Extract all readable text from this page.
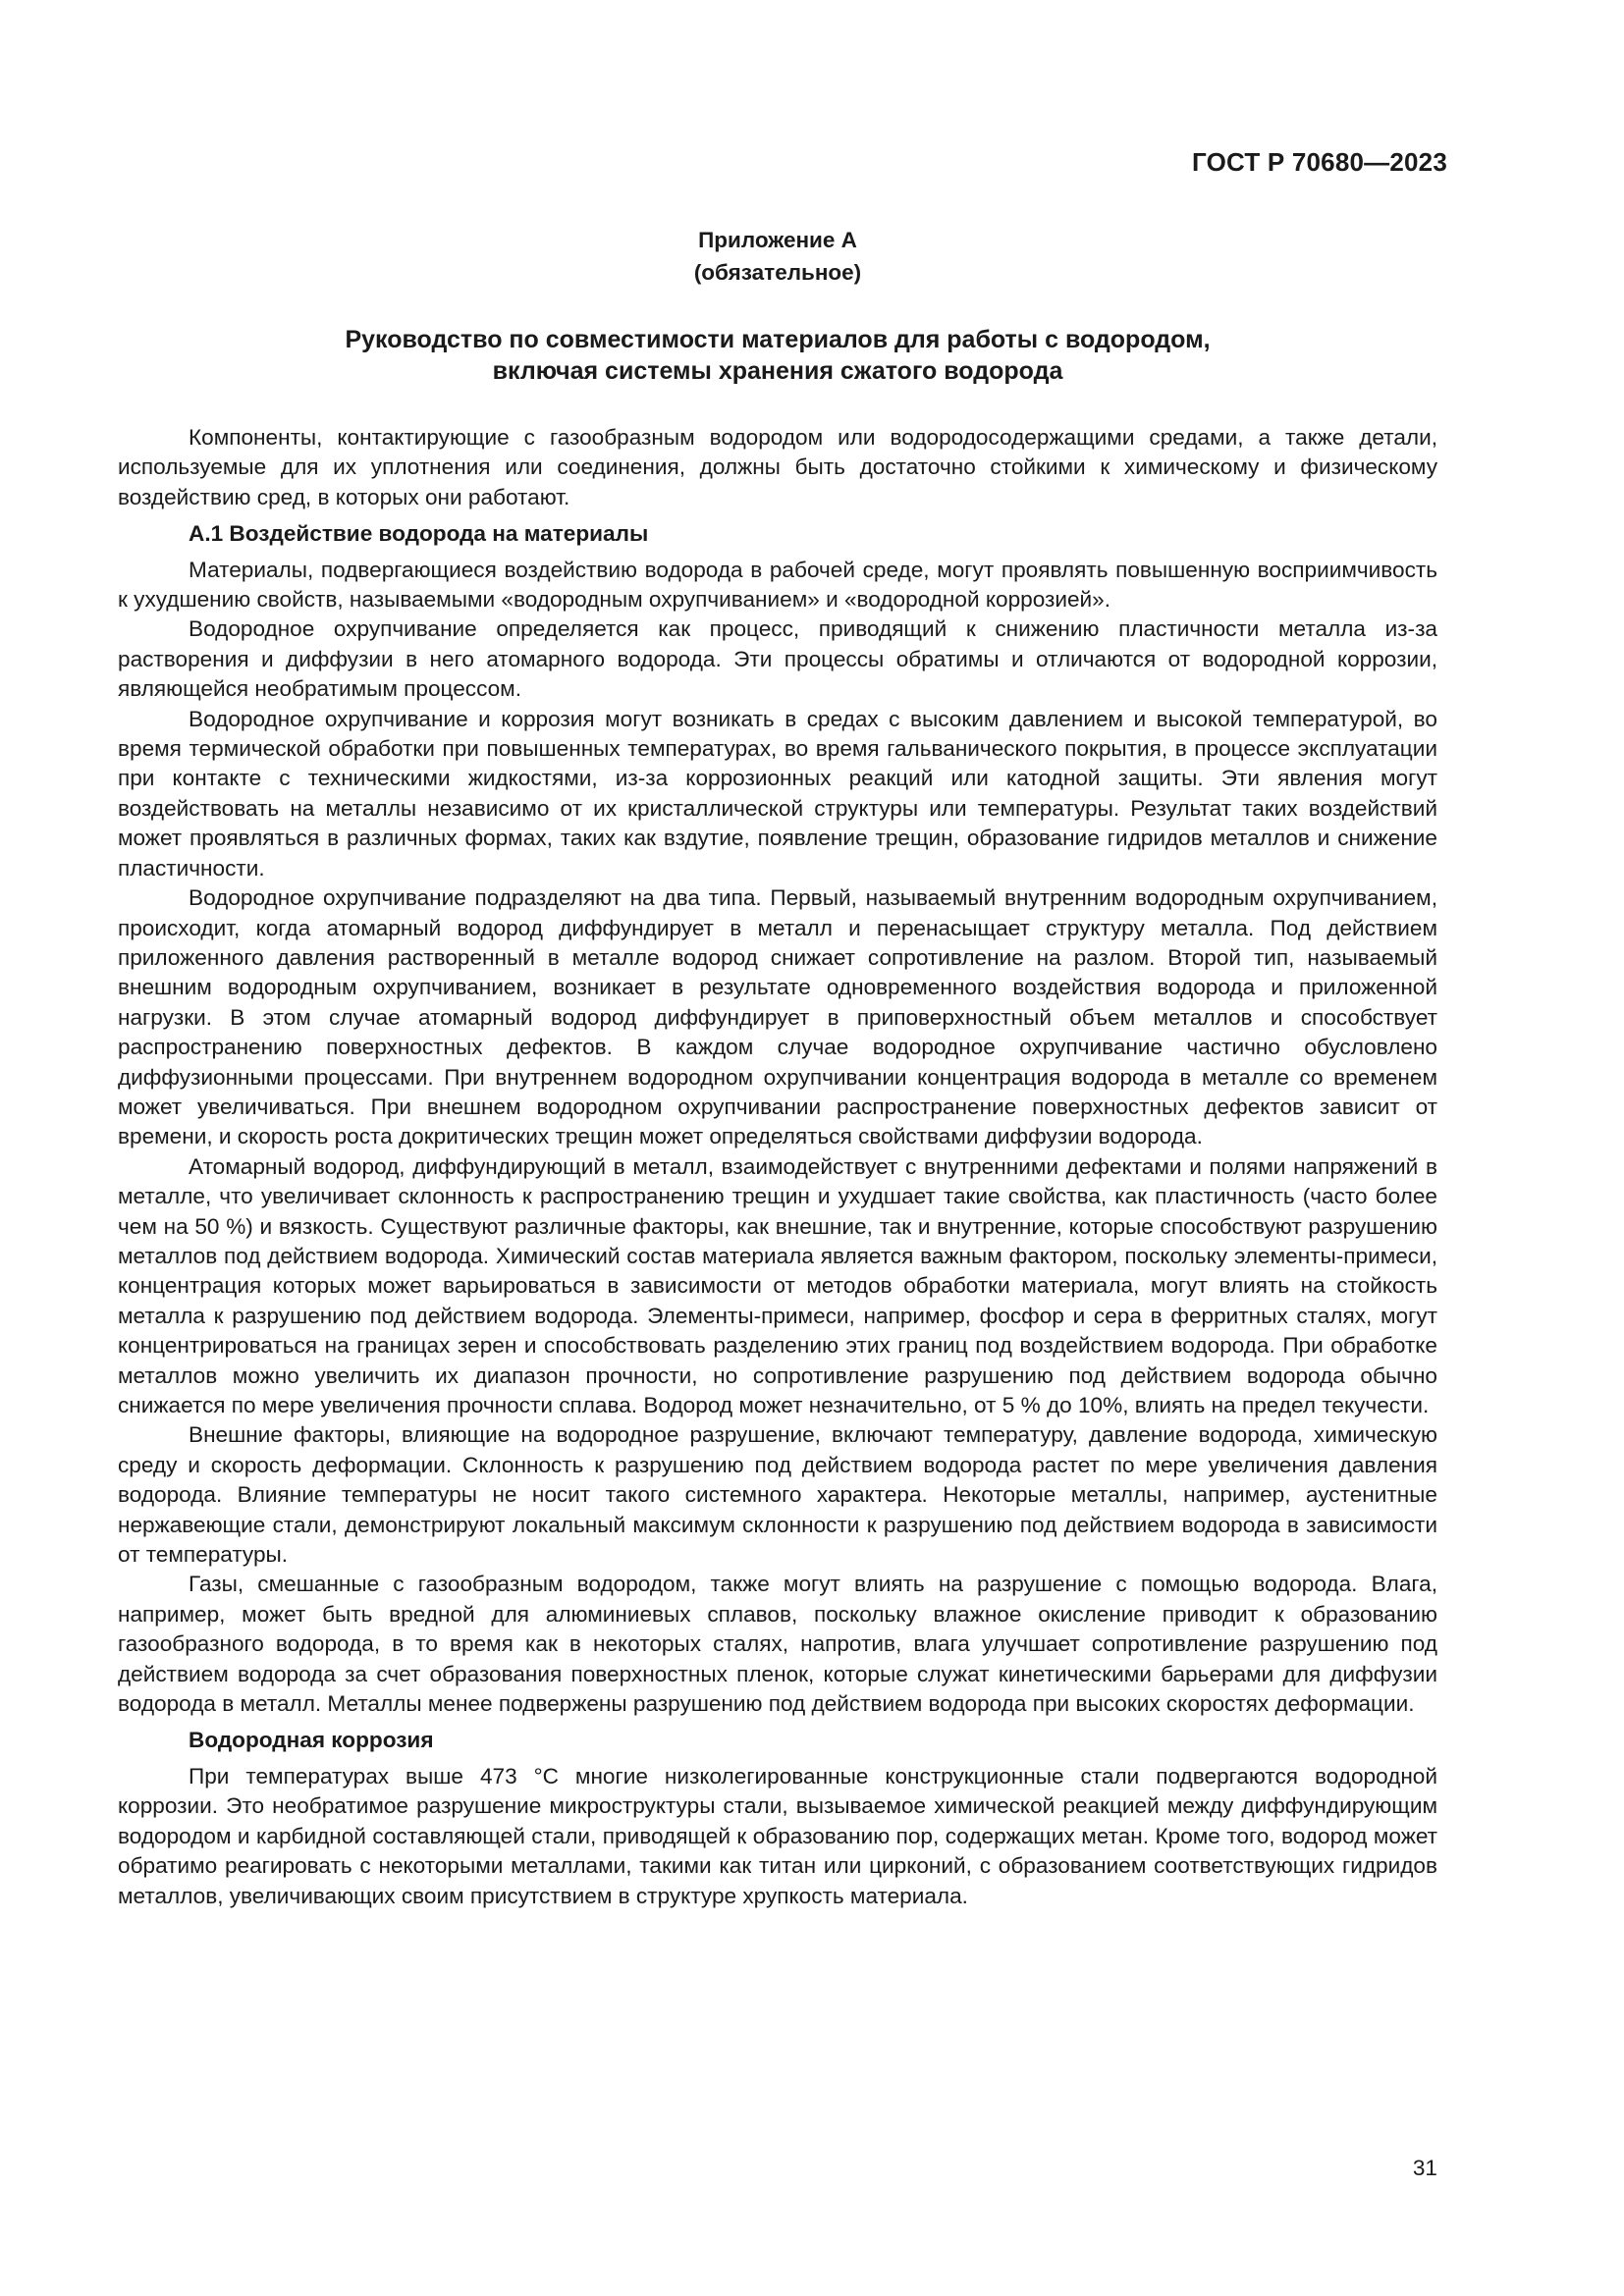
ГОСТ Р 70680—2023
Приложение А
(обязательное)
Руководство по совместимости материалов для работы с водородом,
включая системы хранения сжатого водорода

Компоненты, контактирующие с газообразным водородом или водородосодержащими средами, а также детали, используемые для их уплотнения или соединения, должны быть достаточно стойкими к химическому и физическому воздействию сред, в которых они работают.

А.1 Воздействие водорода на материалы

Материалы, подвергающиеся воздействию водорода в рабочей среде, могут проявлять повышенную восприимчивость к ухудшению свойств, называемыми «водородным охрупчиванием» и «водородной коррозией».

Водородное охрупчивание определяется как процесс, приводящий к снижению пластичности металла из-за растворения и диффузии в него атомарного водорода. Эти процессы обратимы и отличаются от водородной коррозии, являющейся необратимым процессом.

Водородное охрупчивание и коррозия могут возникать в средах с высоким давлением и высокой температурой, во время термической обработки при повышенных температурах, во время гальванического покрытия, в процессе эксплуатации при контакте с техническими жидкостями, из-за коррозионных реакций или катодной защиты. Эти явления могут воздействовать на металлы независимо от их кристаллической структуры или температуры. Результат таких воздействий может проявляться в различных формах, таких как вздутие, появление трещин, образование гидридов металлов и снижение пластичности.

Водородное охрупчивание подразделяют на два типа. Первый, называемый внутренним водородным охрупчиванием, происходит, когда атомарный водород диффундирует в металл и перенасыщает структуру металла. Под действием приложенного давления растворенный в металле водород снижает сопротивление на разлом. Второй тип, называемый внешним водородным охрупчиванием, возникает в результате одновременного воздействия водорода и приложенной нагрузки. В этом случае атомарный водород диффундирует в приповерхностный объем металлов и способствует распространению поверхностных дефектов. В каждом случае водородное охрупчивание частично обусловлено диффузионными процессами. При внутреннем водородном охрупчивании концентрация водорода в металле со временем может увеличиваться. При внешнем водородном охрупчивании распространение поверхностных дефектов зависит от времени, и скорость роста докритических трещин может определяться свойствами диффузии водорода.

Атомарный водород, диффундирующий в металл, взаимодействует с внутренними дефектами и полями напряжений в металле, что увеличивает склонность к распространению трещин и ухудшает такие свойства, как пластичность (часто более чем на 50 %) и вязкость. Существуют различные факторы, как внешние, так и внутренние, которые способствуют разрушению металлов под действием водорода. Химический состав материала является важным фактором, поскольку элементы-примеси, концентрация которых может варьироваться в зависимости от методов обработки материала, могут влиять на стойкость металла к разрушению под действием водорода. Элементы-примеси, например, фосфор и сера в ферритных сталях, могут концентрироваться на границах зерен и способствовать разделению этих границ под воздействием водорода. При обработке металлов можно увеличить их диапазон прочности, но сопротивление разрушению под действием водорода обычно снижается по мере увеличения прочности сплава. Водород может незначительно, от 5 % до 10%, влиять на предел текучести.

Внешние факторы, влияющие на водородное разрушение, включают температуру, давление водорода, химическую среду и скорость деформации. Склонность к разрушению под действием водорода растет по мере увеличения давления водорода. Влияние температуры не носит такого системного характера. Некоторые металлы, например, аустенитные нержавеющие стали, демонстрируют локальный максимум склонности к разрушению под действием водорода в зависимости от температуры.

Газы, смешанные с газообразным водородом, также могут влиять на разрушение с помощью водорода. Влага, например, может быть вредной для алюминиевых сплавов, поскольку влажное окисление приводит к образованию газообразного водорода, в то время как в некоторых сталях, напротив, влага улучшает сопротивление разрушению под действием водорода за счет образования поверхностных пленок, которые служат кинетическими барьерами для диффузии водорода в металл. Металлы менее подвержены разрушению под действием водорода при высоких скоростях деформации.

Водородная коррозия

При температурах выше 473 °С многие низколегированные конструкционные стали подвергаются водородной коррозии. Это необратимое разрушение микроструктуры стали, вызываемое химической реакцией между диффундирующим водородом и карбидной составляющей стали, приводящей к образованию пор, содержащих метан. Кроме того, водород может обратимо реагировать с некоторыми металлами, такими как титан или цирконий, с образованием соответствующих гидридов металлов, увеличивающих своим присутствием в структуре хрупкость материала.

31
